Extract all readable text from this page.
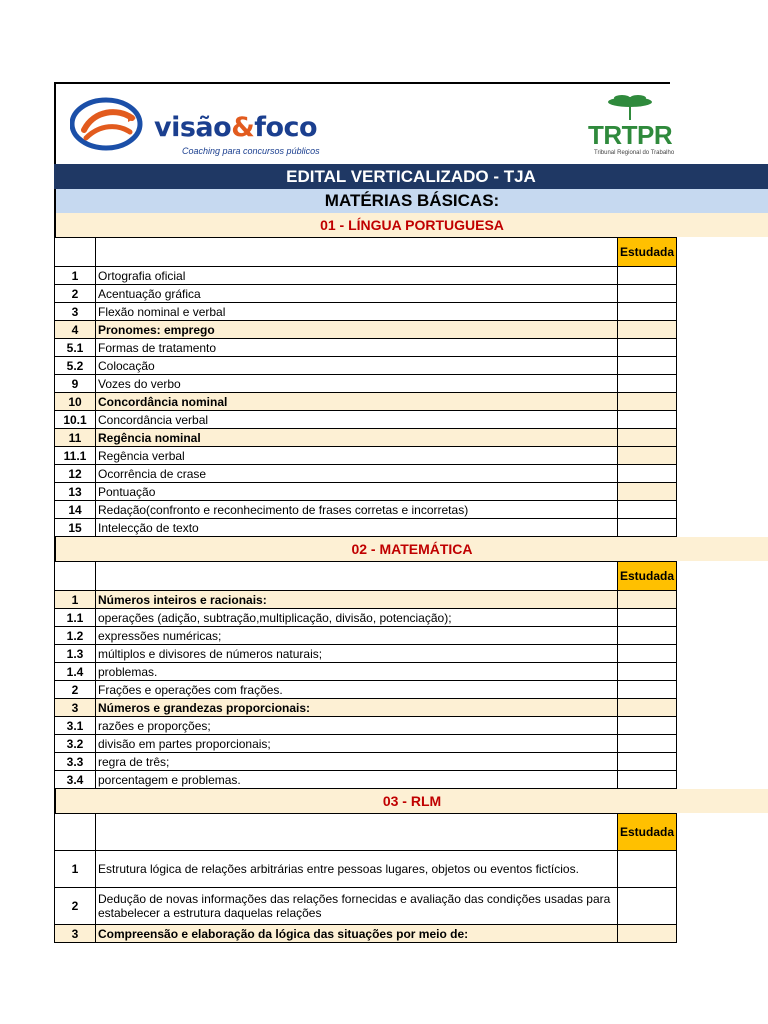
visão&foco
Coaching para concursos públicos
TRTPR
Tribunal Regional do Trabalho
EDITAL VERTICALIZADO - TJA
MATÉRIAS BÁSICAS:
01 - LÍNGUA PORTUGUESA
		Estudada
1	Ortografia oficial	
2	Acentuação gráfica	
3	Flexão nominal e verbal	
4	Pronomes: emprego	
5.1	Formas de tratamento	
5.2	Colocação	
9	Vozes do verbo	
10	Concordância nominal	
10.1	Concordância verbal	
11	Regência nominal	
11.1	Regência verbal	
12	Ocorrência de crase	
13	Pontuação	
14	Redação(confronto e reconhecimento de frases corretas e incorretas)	
15	Intelecção de texto	
02 - MATEMÁTICA
		Estudada
1	Números inteiros e racionais:	
1.1	operações (adição, subtração,multiplicação, divisão, potenciação);	
1.2	expressões numéricas;	
1.3	múltiplos e divisores de números naturais;	
1.4	problemas.	
2	Frações e operações com frações.	
3	Números e grandezas proporcionais:	
3.1	razões e proporções;	
3.2	divisão em partes proporcionais;	
3.3	regra de três;	
3.4	porcentagem e problemas.	
03 - RLM
		Estudada
1	Estrutura lógica de relações arbitrárias entre pessoas lugares, objetos ou eventos fictícios.	
2	Dedução de novas informações das relações fornecidas e avaliação das condições usadas para estabelecer a estrutura daquelas relações	
3	Compreensão e elaboração da lógica das situações por meio de:	
